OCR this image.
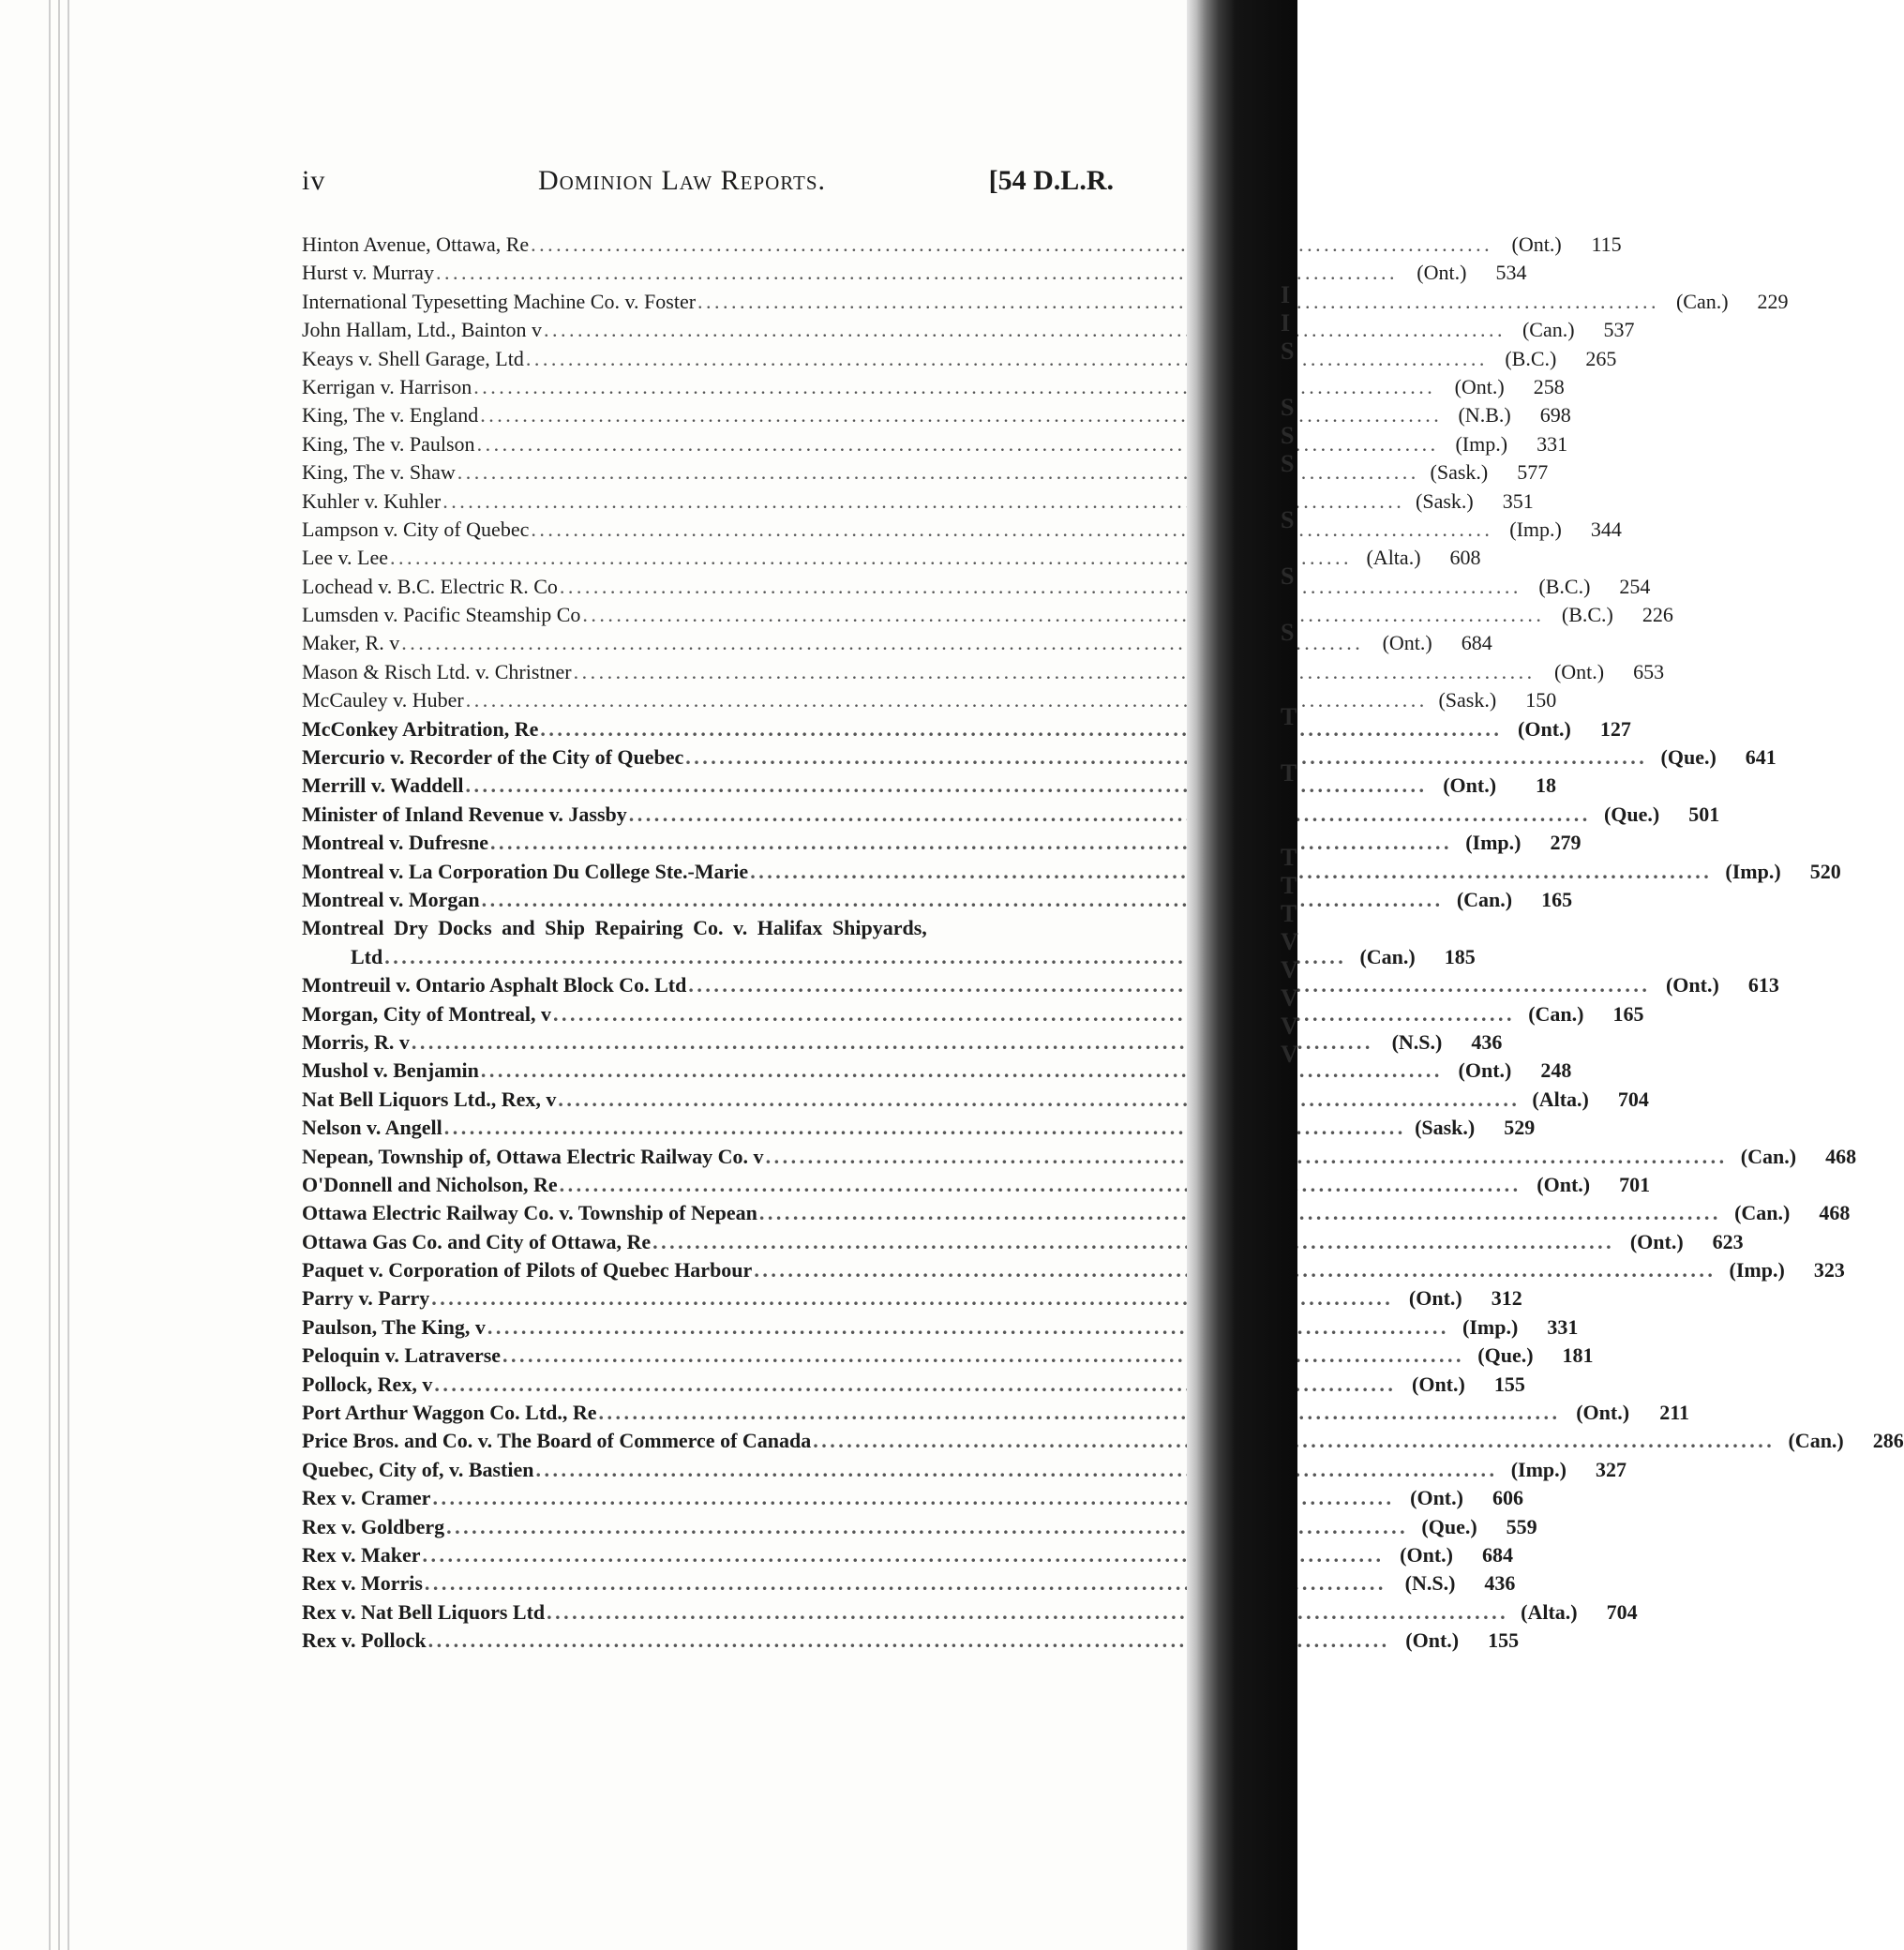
iv	Dominion Law Reports.	[54 D.L.R.
Hinton Avenue, Ottawa, Re . . .	(Ont.)	115
Hurst v. Murray . . .	(Ont.)	534
International Typesetting Machine Co. v. Foster . . .	(Can.)	229
John Hallam, Ltd., Bainton v . . .	(Can.)	537
Keays v. Shell Garage, Ltd . . .	(B.C.)	265
Kerrigan v. Harrison . . .	(Ont.)	258
King, The v. England . . .	(N.B.)	698
King, The v. Paulson . . .	(Imp.)	331
King, The v. Shaw . . .	(Sask.)	577
Kuhler v. Kuhler . . .	(Sask.)	351
Lampson v. City of Quebec . . .	(Imp.)	344
Lee v. Lee . . .	(Alta.)	608
Lochead v. B.C. Electric R. Co . . .	(B.C.)	254
Lumsden v. Pacific Steamship Co . . .	(B.C.)	226
Maker, R. v . . .	(Ont.)	684
Mason & Risch Ltd. v. Christner . . .	(Ont.)	653
McCauley v. Huber . . .	(Sask.)	150
McConkey Arbitration, Re . . .	(Ont.)	127
Mercurio v. Recorder of the City of Quebec . . .	(Que.)	641
Merrill v. Waddell . . .	(Ont.)	18
Minister of Inland Revenue v. Jassby . . .	(Que.)	501
Montreal v. Dufresne . . .	(Imp.)	279
Montreal v. La Corporation Du College Ste.-Marie . . .	(Imp.)	520
Montreal v. Morgan . . .	(Can.)	165
Montreal Dry Docks and Ship Repairing Co. v. Halifax Shipyards,
Ltd . . .	(Can.)	185
Montreuil v. Ontario Asphalt Block Co. Ltd . . .	(Ont.)	613
Morgan, City of Montreal, v . . .	(Can.)	165
Morris, R. v . . .	(N.S.)	436
Mushol v. Benjamin . . .	(Ont.)	248
Nat Bell Liquors Ltd., Rex, v . . .	(Alta.)	704
Nelson v. Angell . . .	(Sask.)	529
Nepean, Township of, Ottawa Electric Railway Co. v . . .	(Can.)	468
O'Donnell and Nicholson, Re . . .	(Ont.)	701
Ottawa Electric Railway Co. v. Township of Nepean . . .	(Can.)	468
Ottawa Gas Co. and City of Ottawa, Re . . .	(Ont.)	623
Paquet v. Corporation of Pilots of Quebec Harbour . . .	(Imp.)	323
Parry v. Parry . . .	(Ont.)	312
Paulson, The King, v . . .	(Imp.)	331
Peloquin v. Latraverse . . .	(Que.)	181
Pollock, Rex, v . . .	(Ont.)	155
Port Arthur Waggon Co. Ltd., Re . . .	(Ont.)	211
Price Bros. and Co. v. The Board of Commerce of Canada . . .	(Can.)	286
Quebec, City of, v. Bastien . . .	(Imp.)	327
Rex v. Cramer . . .	(Ont.)	606
Rex v. Goldberg . . .	(Que.)	559
Rex v. Maker . . .	(Ont.)	684
Rex v. Morris . . .	(N.S.)	436
Rex v. Nat Bell Liquors Ltd . . .	(Alta.)	704
Rex v. Pollock . . .	(Ont.)	155
I
I
S
S
S
S
S
S
S
T
T
T
T
T
V
V
V
V
V
